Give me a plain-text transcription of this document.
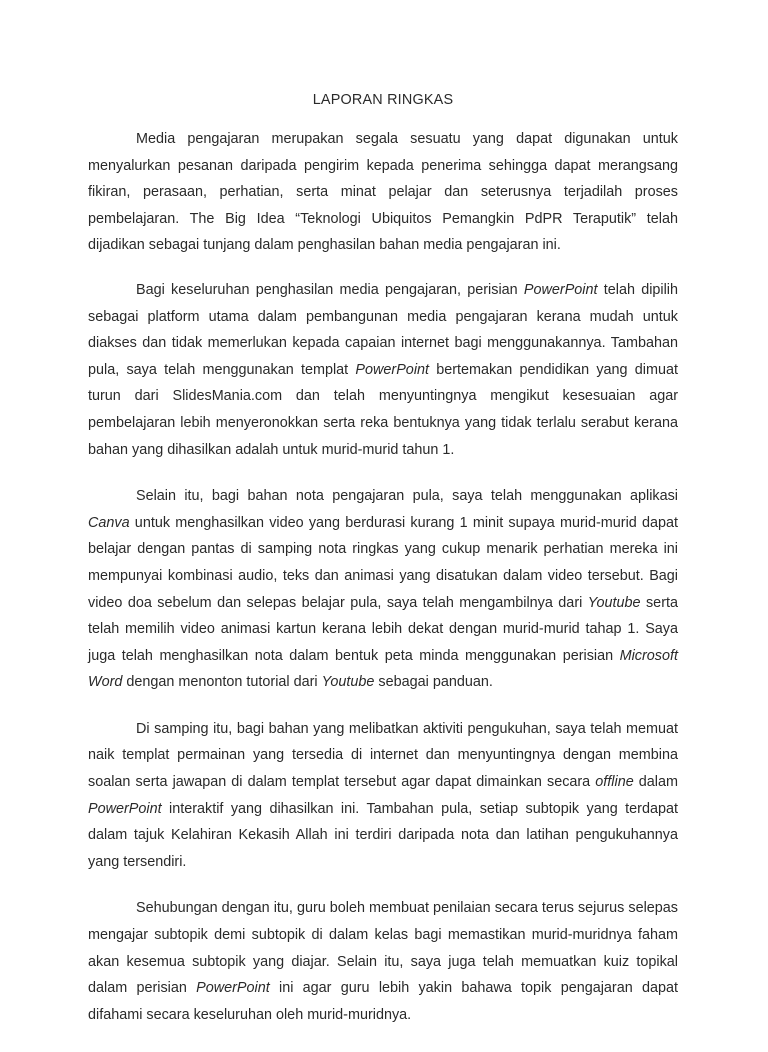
LAPORAN RINGKAS

Media pengajaran merupakan segala sesuatu yang dapat digunakan untuk menyalurkan pesanan daripada pengirim kepada penerima sehingga dapat merangsang fikiran, perasaan, perhatian, serta minat pelajar dan seterusnya terjadilah proses pembelajaran. The Big Idea “Teknologi Ubiquitos Pemangkin PdPR Teraputik” telah dijadikan sebagai tunjang dalam penghasilan bahan media pengajaran ini.

Bagi keseluruhan penghasilan media pengajaran, perisian PowerPoint telah dipilih sebagai platform utama dalam pembangunan media pengajaran kerana mudah untuk diakses dan tidak memerlukan kepada capaian internet bagi menggunakannya. Tambahan pula, saya telah menggunakan templat PowerPoint bertemakan pendidikan yang dimuat turun dari SlidesMania.com dan telah menyuntingnya mengikut kesesuaian agar pembelajaran lebih menyeronokkan serta reka bentuknya yang tidak terlalu serabut kerana bahan yang dihasilkan adalah untuk murid-murid tahun 1.

Selain itu, bagi bahan nota pengajaran pula, saya telah menggunakan aplikasi Canva untuk menghasilkan video yang berdurasi kurang 1 minit supaya murid-murid dapat belajar dengan pantas di samping nota ringkas yang cukup menarik perhatian mereka ini mempunyai kombinasi audio, teks dan animasi yang disatukan dalam video tersebut. Bagi video doa sebelum dan selepas belajar pula, saya telah mengambilnya dari Youtube serta telah memilih video animasi kartun kerana lebih dekat dengan murid-murid tahap 1. Saya juga telah menghasilkan nota dalam bentuk peta minda menggunakan perisian Microsoft Word dengan menonton tutorial dari Youtube sebagai panduan.

Di samping itu, bagi bahan yang melibatkan aktiviti pengukuhan, saya telah memuat naik templat permainan yang tersedia di internet dan menyuntingnya dengan membina soalan serta jawapan di dalam templat tersebut agar dapat dimainkan secara offline dalam PowerPoint interaktif yang dihasilkan ini. Tambahan pula, setiap subtopik yang terdapat dalam tajuk Kelahiran Kekasih Allah ini terdiri daripada nota dan latihan pengukuhannya yang tersendiri.

Sehubungan dengan itu, guru boleh membuat penilaian secara terus sejurus selepas mengajar subtopik demi subtopik di dalam kelas bagi memastikan murid-muridnya faham akan kesemua subtopik yang diajar. Selain itu, saya juga telah memuatkan kuiz topikal dalam perisian PowerPoint ini agar guru lebih yakin bahawa topik pengajaran dapat difahami secara keseluruhan oleh murid-muridnya.
